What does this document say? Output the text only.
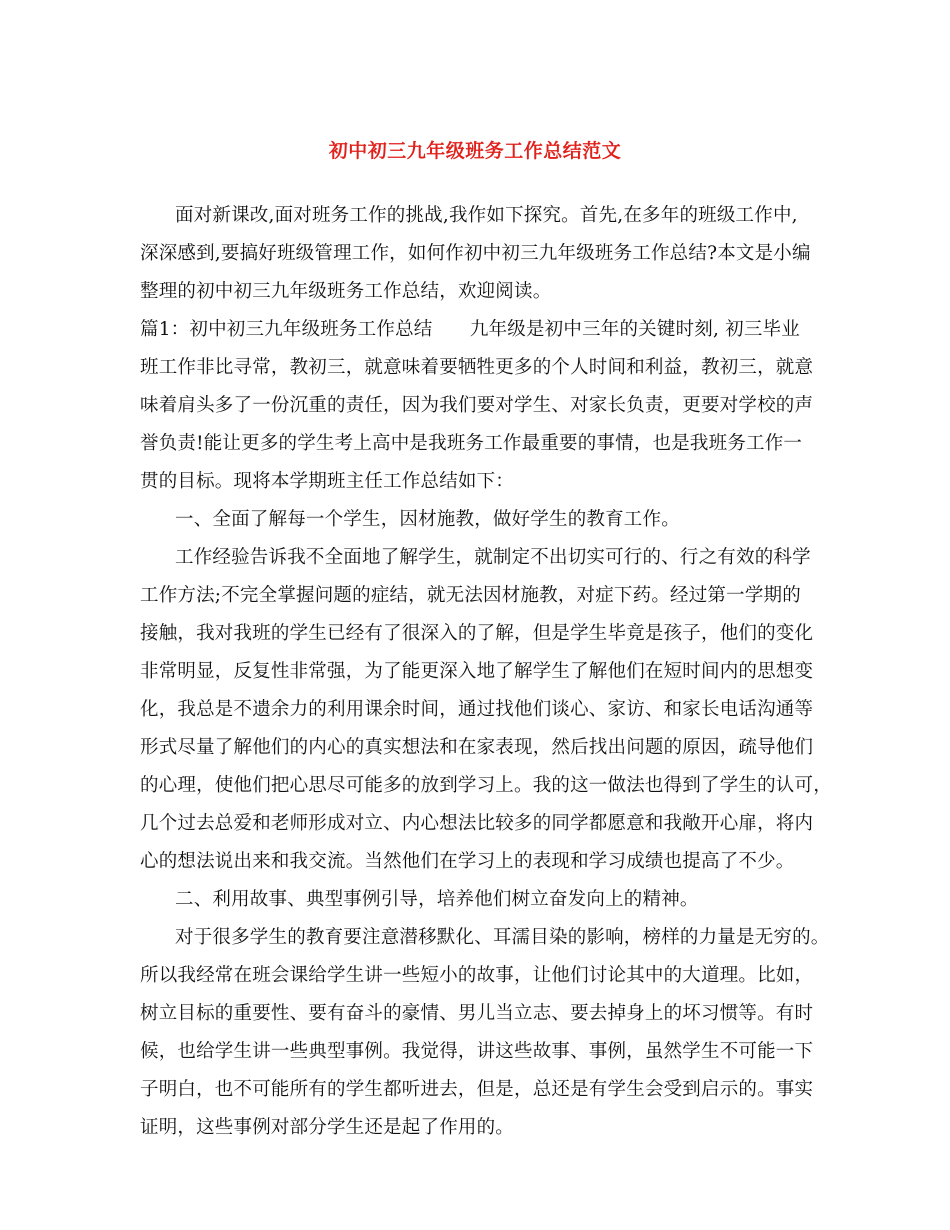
初中初三九年级班务工作总结范文
面对新课改,面对班务工作的挑战,我作如下探究。首先,在多年的班级工作中,
深深感到,要搞好班级管理工作，如何作初中初三九年级班务工作总结?本文是小编
整理的初中初三九年级班务工作总结，欢迎阅读。
篇1：初中初三九年级班务工作总结　　九年级是初中三年的关键时刻, 初三毕业
班工作非比寻常，教初三，就意味着要牺牲更多的个人时间和利益，教初三，就意
味着肩头多了一份沉重的责任，因为我们要对学生、对家长负责，更要对学校的声
誉负责!能让更多的学生考上高中是我班务工作最重要的事情，也是我班务工作一
贯的目标。现将本学期班主任工作总结如下：
一、全面了解每一个学生，因材施教，做好学生的教育工作。
工作经验告诉我不全面地了解学生，就制定不出切实可行的、行之有效的科学
工作方法;不完全掌握问题的症结，就无法因材施教，对症下药。经过第一学期的
接触，我对我班的学生已经有了很深入的了解，但是学生毕竟是孩子，他们的变化
非常明显，反复性非常强，为了能更深入地了解学生了解他们在短时间内的思想变
化，我总是不遗余力的利用课余时间，通过找他们谈心、家访、和家长电话沟通等
形式尽量了解他们的内心的真实想法和在家表现，然后找出问题的原因，疏导他们
的心理，使他们把心思尽可能多的放到学习上。我的这一做法也得到了学生的认可，
几个过去总爱和老师形成对立、内心想法比较多的同学都愿意和我敞开心扉，将内
心的想法说出来和我交流。当然他们在学习上的表现和学习成绩也提高了不少。
二、利用故事、典型事例引导，培养他们树立奋发向上的精神。
对于很多学生的教育要注意潜移默化、耳濡目染的影响，榜样的力量是无穷的。
所以我经常在班会课给学生讲一些短小的故事，让他们讨论其中的大道理。比如，
树立目标的重要性、要有奋斗的豪情、男儿当立志、要去掉身上的坏习惯等。有时
候，也给学生讲一些典型事例。我觉得，讲这些故事、事例，虽然学生不可能一下
子明白，也不可能所有的学生都听进去，但是，总还是有学生会受到启示的。事实
证明，这些事例对部分学生还是起了作用的。
